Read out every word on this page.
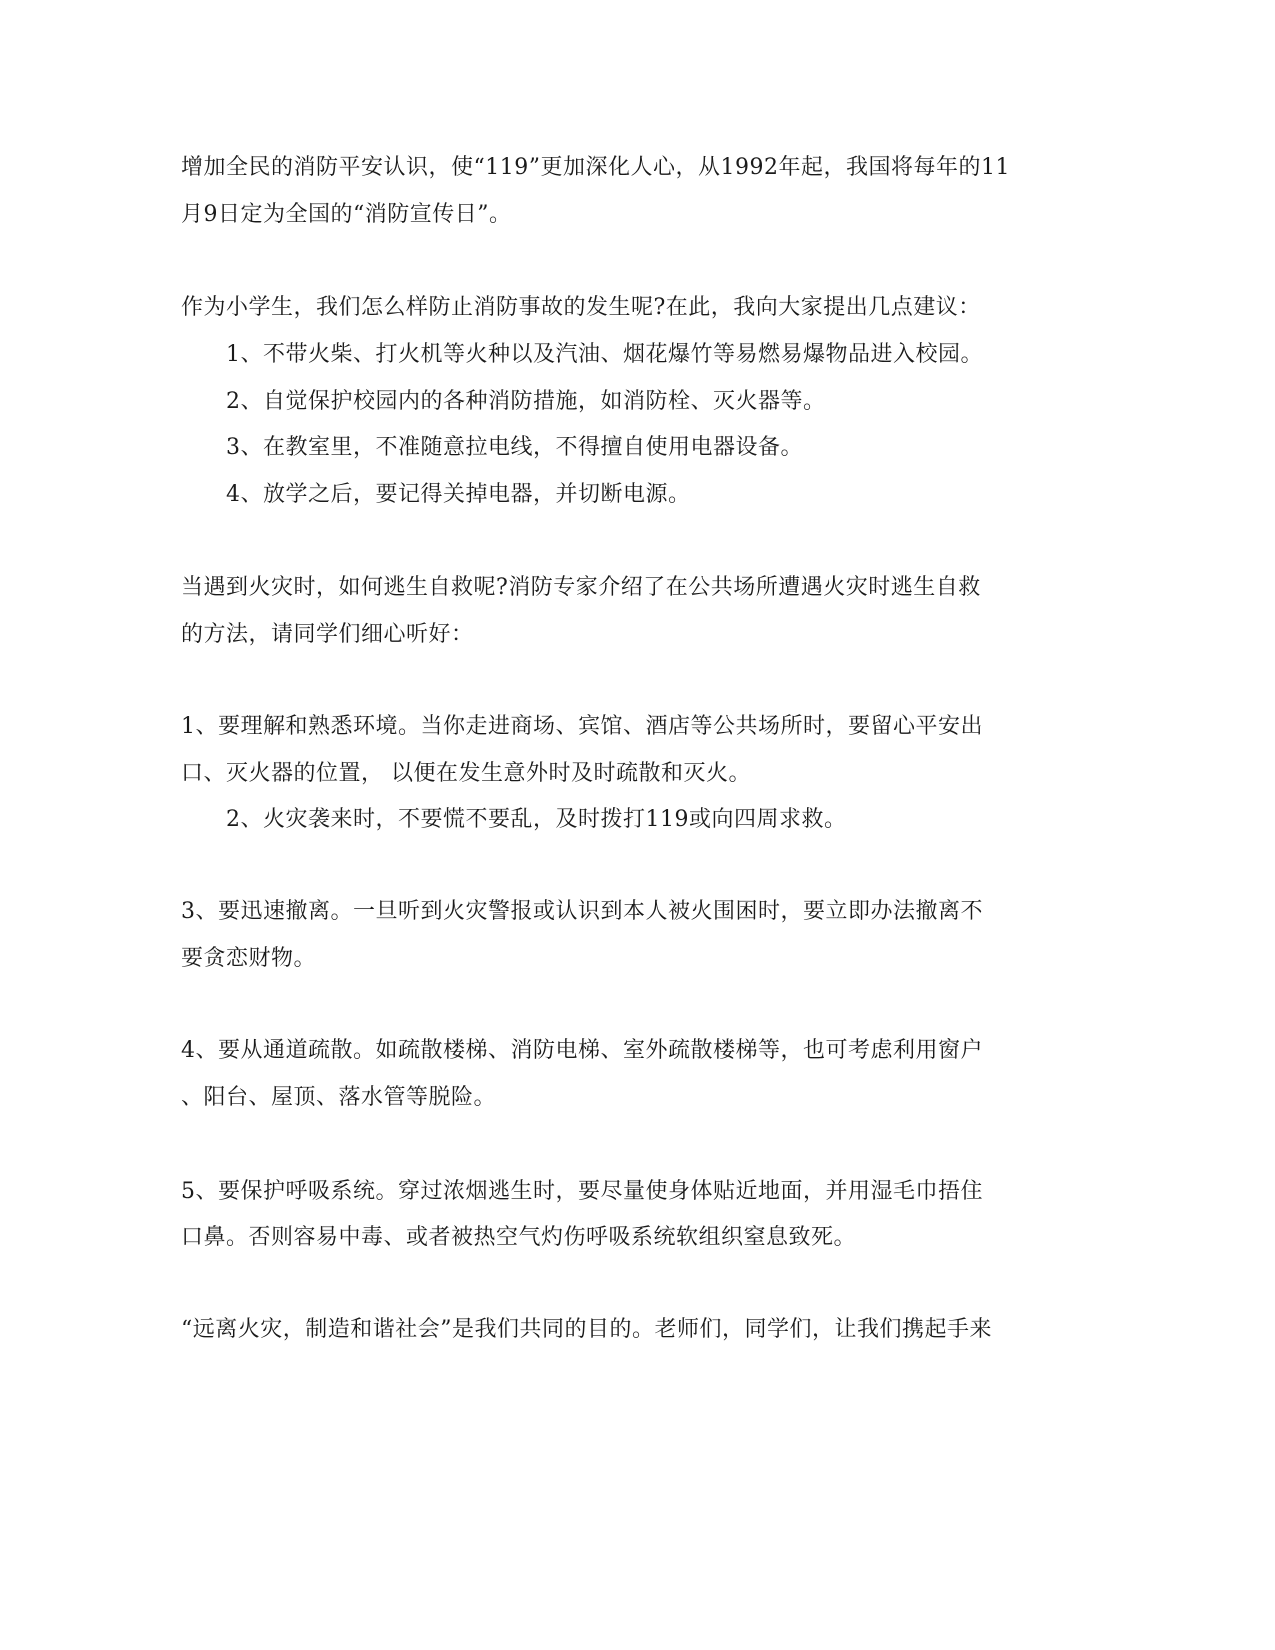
增加全民的消防平安认识，使“119”更加深化人心，从1992年起，我国将每年的11
月9日定为全国的“消防宣传日”。
作为小学生，我们怎么样防止消防事故的发生呢?在此，我向大家提出几点建议：
1、不带火柴、打火机等火种以及汽油、烟花爆竹等易燃易爆物品进入校园。
2、自觉保护校园内的各种消防措施，如消防栓、灭火器等。
3、在教室里，不准随意拉电线，不得擅自使用电器设备。
4、放学之后，要记得关掉电器，并切断电源。
当遇到火灾时，如何逃生自救呢?消防专家介绍了在公共场所遭遇火灾时逃生自救
的方法，请同学们细心听好：
1、要理解和熟悉环境。当你走进商场、宾馆、酒店等公共场所时，要留心平安出
口、灭火器的位置， 以便在发生意外时及时疏散和灭火。
2、火灾袭来时，不要慌不要乱，及时拨打119或向四周求救。
3、要迅速撤离。一旦听到火灾警报或认识到本人被火围困时，要立即办法撤离不
要贪恋财物。
4、要从通道疏散。如疏散楼梯、消防电梯、室外疏散楼梯等，也可考虑利用窗户
、阳台、屋顶、落水管等脱险。
5、要保护呼吸系统。穿过浓烟逃生时，要尽量使身体贴近地面，并用湿毛巾捂住
口鼻。否则容易中毒、或者被热空气灼伤呼吸系统软组织窒息致死。
“远离火灾，制造和谐社会”是我们共同的目的。老师们，同学们，让我们携起手来
